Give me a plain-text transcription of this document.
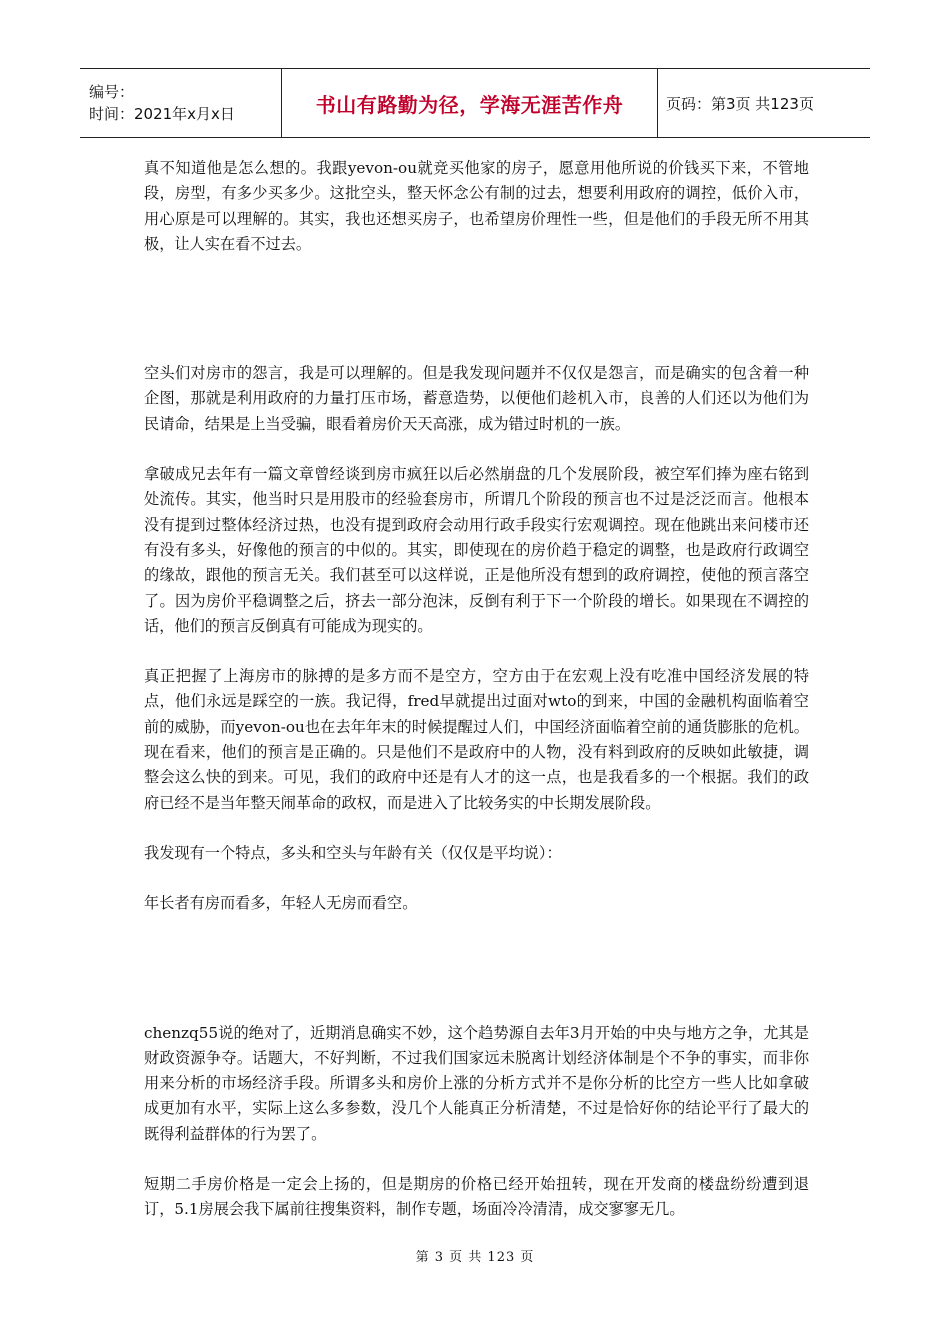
编号：
时间：2021年x月x日	书山有路勤为径，学海无涯苦作舟	页码：第3页 共123页

真不知道他是怎么想的。我跟yevon-ou就竞买他家的房子，愿意用他所说的价钱买下来，不管地段，房型，有多少买多少。这批空头，整天怀念公有制的过去，想要利用政府的调控，低价入市，用心原是可以理解的。其实，我也还想买房子，也希望房价理性一些，但是他们的手段无所不用其极，让人实在看不过去。

空头们对房市的怨言，我是可以理解的。但是我发现问题并不仅仅是怨言，而是确实的包含着一种企图，那就是利用政府的力量打压市场，蓄意造势，以便他们趁机入市，良善的人们还以为他们为民请命，结果是上当受骗，眼看着房价天天高涨，成为错过时机的一族。

拿破成兄去年有一篇文章曾经谈到房市疯狂以后必然崩盘的几个发展阶段，被空军们捧为座右铭到处流传。其实，他当时只是用股市的经验套房市，所谓几个阶段的预言也不过是泛泛而言。他根本没有提到过整体经济过热，也没有提到政府会动用行政手段实行宏观调控。现在他跳出来问楼市还有没有多头，好像他的预言的中似的。其实，即使现在的房价趋于稳定的调整，也是政府行政调空的缘故，跟他的预言无关。我们甚至可以这样说，正是他所没有想到的政府调控，使他的预言落空了。因为房价平稳调整之后，挤去一部分泡沫，反倒有利于下一个阶段的增长。如果现在不调控的话，他们的预言反倒真有可能成为现实的。

真正把握了上海房市的脉搏的是多方而不是空方，空方由于在宏观上没有吃准中国经济发展的特点，他们永远是踩空的一族。我记得，fred早就提出过面对wto的到来，中国的金融机构面临着空前的威胁，而yevon-ou也在去年年末的时候提醒过人们，中国经济面临着空前的通货膨胀的危机。现在看来，他们的预言是正确的。只是他们不是政府中的人物，没有料到政府的反映如此敏捷，调整会这么快的到来。可见，我们的政府中还是有人才的这一点，也是我看多的一个根据。我们的政府已经不是当年整天闹革命的政权，而是进入了比较务实的中长期发展阶段。

我发现有一个特点，多头和空头与年龄有关（仅仅是平均说）：

年长者有房而看多，年轻人无房而看空。

chenzq55说的绝对了，近期消息确实不妙，这个趋势源自去年3月开始的中央与地方之争，尤其是财政资源争夺。话题大，不好判断，不过我们国家远未脱离计划经济体制是个不争的事实，而非你用来分析的市场经济手段。所谓多头和房价上涨的分析方式并不是你分析的比空方一些人比如拿破成更加有水平，实际上这么多参数，没几个人能真正分析清楚，不过是恰好你的结论平行了最大的既得利益群体的行为罢了。

短期二手房价格是一定会上扬的，但是期房的价格已经开始扭转，现在开发商的楼盘纷纷遭到退订，5.1房展会我下属前往搜集资料，制作专题，场面冷冷清清，成交寥寥无几。

第 3 页 共 123 页
